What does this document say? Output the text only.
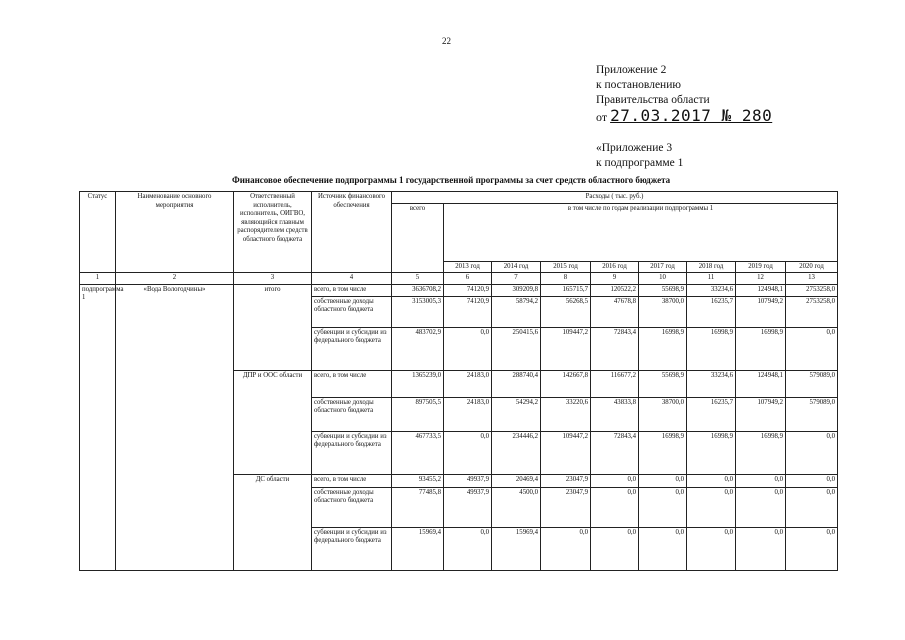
22
Приложение 2
к постановлению
Правительства области
от 27.03.2017 № 280
«Приложение 3
к подпрограмме 1
Финансовое обеспечение подпрограммы 1 государственной программы за счет средств областного бюджета
Статус	Наименование основного мероприятия	Ответственный исполнитель, исполнитель, ОИГВО, являющийся главным распорядителем средств областного бюджета	Источник финансового обеспечения	Расходы ( тыс. руб.)								
				всего	в том числе по годам реализации подпрограммы 1							
					2013 год	2014 год	2015 год	2016 год	2017 год	2018 год	2019 год	2020 год
1	2	3	4	5	6	7	8	9	10	11	12	13
подпрограмма 1	«Вода Вологодчины»	итого	всего, в том числе	3636708,2	74120,9	309209,8	165715,7	120522,2	55698,9	33234,6	124948,1	2753258,0
			собственные доходы областного бюджета	3153005,3	74120,9	58794,2	56268,5	47678,8	38700,0	16235,7	107949,2	2753258,0
			субвенции и субсидии из федерального бюджета	483702,9	0,0	250415,6	109447,2	72843,4	16998,9	16998,9	16998,9	0,0
		ДПР и ООС области	всего, в том числе	1365239,0	24183,0	288740,4	142667,8	116677,2	55698,9	33234,6	124948,1	579089,0
			собственные доходы областного бюджета	897505,5	24183,0	54294,2	33220,6	43833,8	38700,0	16235,7	107949,2	579089,0
			субвенции и субсидии из федерального бюджета	467733,5	0,0	234446,2	109447,2	72843,4	16998,9	16998,9	16998,9	0,0
		ДС области	всего, в том числе	93455,2	49937,9	20469,4	23047,9	0,0	0,0	0,0	0,0	0,0
			собственные доходы областного бюджета	77485,8	49937,9	4500,0	23047,9	0,0	0,0	0,0	0,0	0,0
			субвенции и субсидии из федерального бюджета	15969,4	0,0	15969,4	0,0	0,0	0,0	0,0	0,0	0,0
